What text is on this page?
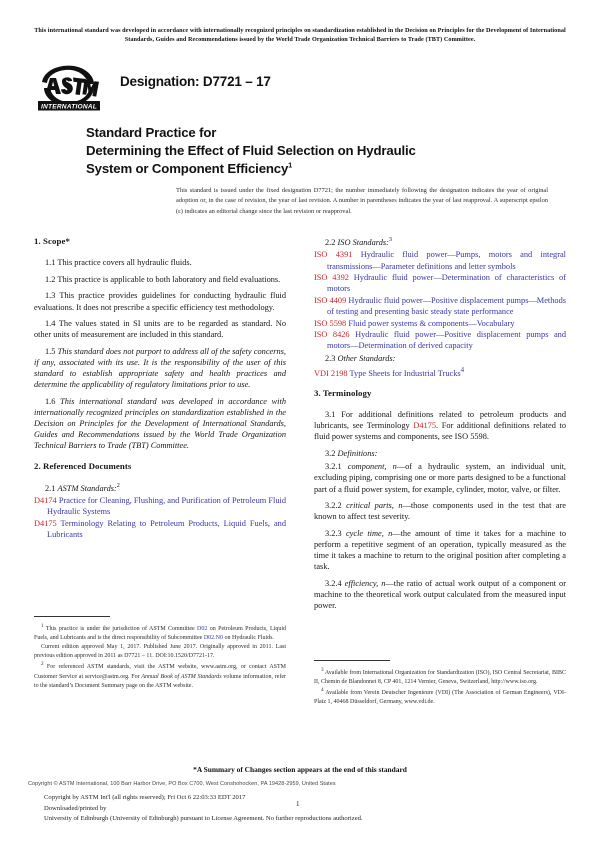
This international standard was developed in accordance with internationally recognized principles on standardization established in the Decision on Principles for the Development of International Standards, Guides and Recommendations issued by the World Trade Organization Technical Barriers to Trade (TBT) Committee.
INTERNATIONAL
Designation: D7721 – 17
Standard Practice for
Determining the Effect of Fluid Selection on Hydraulic
System or Component Efficiency$^1$
This standard is issued under the fixed designation D7721; the number immediately following the designation indicates the year of original adoption or, in the case of revision, the year of last revision. A number in parentheses indicates the year of last reapproval. A superscript epsilon (ε) indicates an editorial change since the last revision or reapproval.
1. Scope*

1.1 This practice covers all hydraulic fluids.

1.2 This practice is applicable to both laboratory and field evaluations.

1.3 This practice provides guidelines for conducting hydraulic fluid evaluations. It does not prescribe a specific efficiency test methodology.

1.4 The values stated in SI units are to be regarded as standard. No other units of measurement are included in this standard.

1.5 This standard does not purport to address all of the safety concerns, if any, associated with its use. It is the responsibility of the user of this standard to establish appropriate safety and health practices and determine the applicability of regulatory limitations prior to use.

1.6 This international standard was developed in accordance with internationally recognized principles on standardization established in the Decision on Principles for the Development of International Standards, Guides and Recommendations issued by the World Trade Organization Technical Barriers to Trade (TBT) Committee.

2. Referenced Documents

2.1 ASTM Standards:$^2$

D4174 Practice for Cleaning, Flushing, and Purification of Petroleum Fluid Hydraulic Systems

D4175 Terminology Relating to Petroleum Products, Liquid Fuels, and Lubricants

2.2 ISO Standards:$^3$

ISO 4391 Hydraulic fluid power—Pumps, motors and integral transmissions—Parameter definitions and letter symbols

ISO 4392 Hydraulic fluid power—Determination of characteristics of motors

ISO 4409 Hydraulic fluid power—Positive displacement pumps—Methods of testing and presenting basic steady state performance

ISO 5598 Fluid power systems & components—Vocabulary

ISO 8426 Hydraulic fluid power—Positive displacement pumps and motors—Determination of derived capacity

2.3 Other Standards:

VDI 2198 Type Sheets for Industrial Trucks$^4$

3. Terminology

3.1 For additional definitions related to petroleum products and lubricants, see Terminology D4175. For additional definitions related to fluid power systems and components, see ISO 5598.

3.2 Definitions:

3.2.1 component, n—of a hydraulic system, an individual unit, excluding piping, comprising one or more parts designed to be a functional part of a fluid power system, for example, cylinder, motor, valve, or filter.

3.2.2 critical parts, n—those components used in the test that are known to affect test severity.

3.2.3 cycle time, n—the amount of time it takes for a machine to perform a repetitive segment of an operation, typically measured as the time it takes a machine to return to the original position after completing a task.

3.2.4 efficiency, n—the ratio of actual work output of a component or machine to the theoretical work output calculated from the measured input power.

$^1$ This practice is under the jurisdiction of ASTM Committee D02 on Petroleum Products, Liquid Fuels, and Lubricants and is the direct responsibility of Subcommittee D02.N0 on Hydraulic Fluids.

Current edition approved May 1, 2017. Published June 2017. Originally approved in 2011. Last previous edition approved in 2011 as D7721 – 11. DOI:10.1520/D7721-17.

$^2$ For referenced ASTM standards, visit the ASTM website, www.astm.org, or contact ASTM Customer Service at service@astm.org. For Annual Book of ASTM Standards volume information, refer to the standard’s Document Summary page on the ASTM website.

$^3$ Available from International Organization for Standardization (ISO), ISO Central Secretariat, BIBC II, Chemin de Blandonnet 8, CP 401, 1214 Vernier, Geneva, Switzerland, http://www.iso.org.

$^4$ Available from Verein Deutscher Ingenieure (VDI) (The Association of German Engineers), VDI-Platz 1, 40468 Düsseldorf, Germany, www.vdi.de.

*A Summary of Changes section appears at the end of this standard
Copyright © ASTM International, 100 Barr Harbor Drive, PO Box C700, West Conshohocken, PA 19428-2959, United States
Copyright by ASTM Int'l (all rights reserved); Fri Oct 6 22:03:33 EDT 2017
Downloaded/printed by
University of Edinburgh (University of Edinburgh) pursuant to License Agreement. No further reproductions authorized.
1
